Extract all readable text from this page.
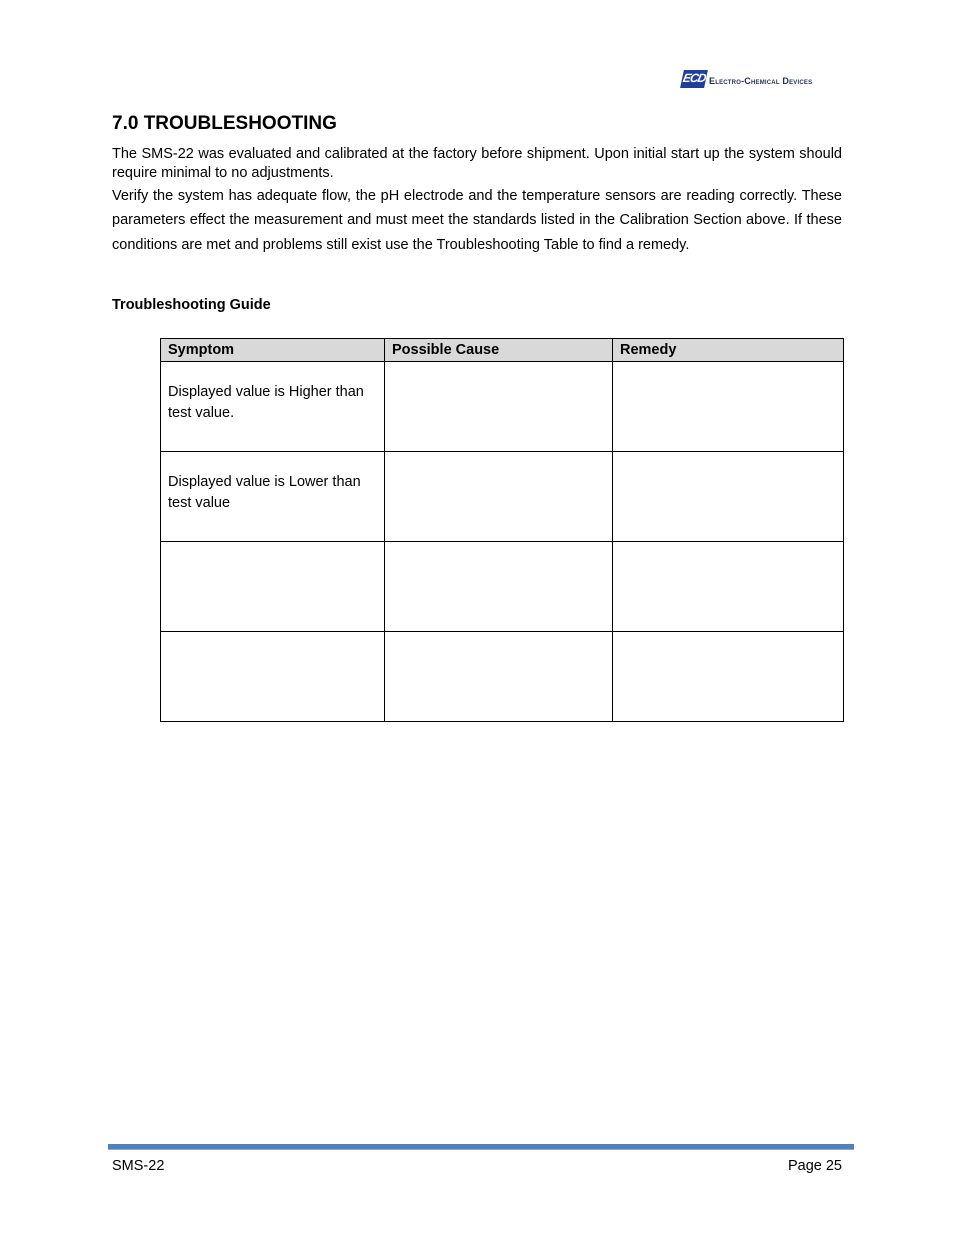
ECD Electro-Chemical Devices
7.0 TROUBLESHOOTING

The SMS-22 was evaluated and calibrated at the factory before shipment. Upon initial start up the system should require minimal to no adjustments.

Verify the system has adequate flow, the pH electrode and the temperature sensors are reading correctly. These parameters effect the measurement and must meet the standards listed in the Calibration Section above. If these conditions are met and problems still exist use the Troubleshooting Table to find a remedy.

Troubleshooting Guide
Symptom	Possible Cause	Remedy

Displayed value is Higher than test value.		

Displayed value is Lower than test value		

SMS-22	Page 25
